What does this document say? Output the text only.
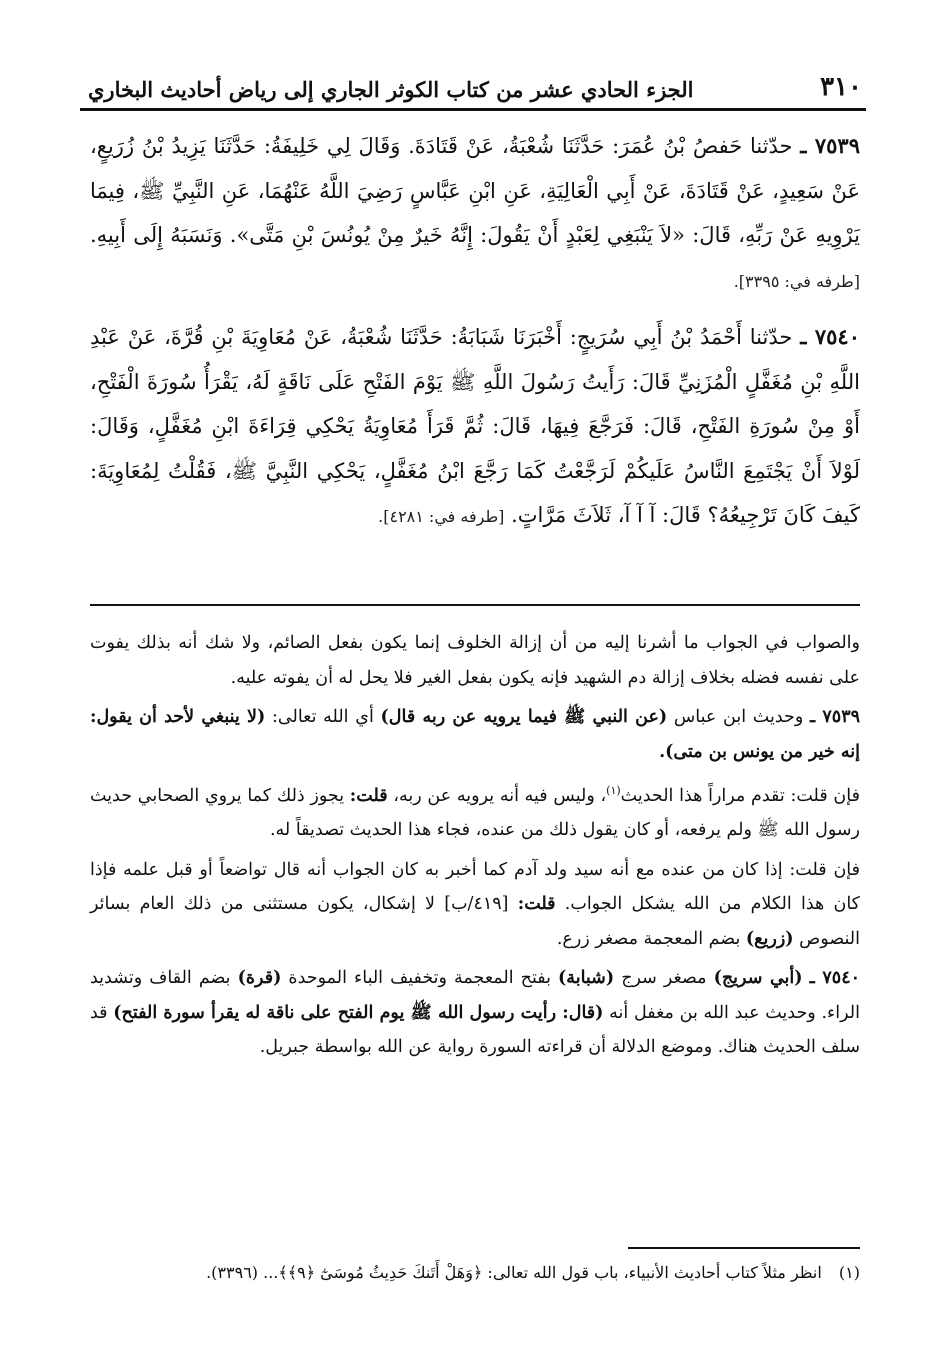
٣١٠
الجزء الحادي عشر من كتاب الكوثر الجاري إلى رياض أحاديث البخاري
٧٥٣٩ ـ حدّثنا حَفصُ بْنُ عُمَرَ: حَدَّثَنَا شُعْبَةُ، عَنْ قَتَادَةَ. وَقَالَ لِي خَلِيفَةُ: حَدَّثَنَا يَزِيدُ بْنُ زُرَيعٍ، عَنْ سَعِيدٍ، عَنْ قَتَادَةَ، عَنْ أَبِي الْعَالِيَةِ، عَنِ ابْنِ عَبَّاسٍ رَضِيَ اللَّهُ عَنْهُمَا، عَنِ النَّبِيِّ ﷺ، فِيمَا يَرْوِيهِ عَنْ رَبِّهِ، قَالَ: «لاَ يَنْبَغِي لِعَبْدٍ أَنْ يَقُولَ: إِنَّهُ خَيرٌ مِنْ يُونُسَ بْنِ مَتَّى». وَنَسَبَهُ إِلَى أَبِيهِ. [طرفه في: ٣٣٩٥].
٧٥٤٠ ـ حدّثنا أَحْمَدُ بْنُ أَبِي سُرَيجٍ: أَخْبَرَنَا شَبَابَةُ: حَدَّثَنَا شُعْبَةُ، عَنْ مُعَاوِيَةَ بْنِ قُرَّةَ، عَنْ عَبْدِ اللَّهِ بْنِ مُغَفَّلٍ الْمُزَنِيِّ قَالَ: رَأَيتُ رَسُولَ اللَّهِ ﷺ يَوْمَ الفَتْحِ عَلَى نَاقَةٍ لَهُ، يَقْرَأُ سُورَةَ الْفَتْحِ، أَوْ مِنْ سُورَةِ الفَتْحِ، قَالَ: فَرَجَّعَ فِيهَا، قَالَ: ثُمَّ قَرَأَ مُعَاوِيَةُ يَحْكِي قِرَاءَةَ ابْنِ مُغَفَّلٍ، وَقَالَ: لَوْلاَ أَنْ يَجْتَمِعَ النَّاسُ عَلَيكُمْ لَرَجَّعْتُ كَمَا رَجَّعَ ابْنُ مُغَفَّلٍ، يَحْكِي النَّبِيَّ ﷺ، فَقُلْتُ لِمُعَاوِيَةَ: كَيفَ كَانَ تَرْجِيعُهُ؟ قَالَ: آ آ آ، ثَلاَثَ مَرَّاتٍ. [طرفه في: ٤٢٨١].

والصواب في الجواب ما أشرنا إليه من أن إزالة الخلوف إنما يكون بفعل الصائم، ولا شك أنه بذلك يفوت على نفسه فضله بخلاف إزالة دم الشهيد فإنه يكون بفعل الغير فلا يحل له أن يفوته عليه.

٧٥٣٩ ـ وحديث ابن عباس (عن النبي ﷺ فيما يرويه عن ربه قال) أي الله تعالى: (لا ينبغي لأحد أن يقول: إنه خير من يونس بن متى).

فإن قلت: تقدم مراراً هذا الحديث$^{(١)}$، وليس فيه أنه يرويه عن ربه، قلت: يجوز ذلك كما يروي الصحابي حديث رسول الله ﷺ ولم يرفعه، أو كان يقول ذلك من عنده، فجاء هذا الحديث تصديقاً له.

فإن قلت: إذا كان من عنده مع أنه سيد ولد آدم كما أخبر به كان الجواب أنه قال تواضعاً أو قبل علمه فإذا كان هذا الكلام من الله يشكل الجواب. قلت: [٤١٩/ب] لا إشكال، يكون مستثنى من ذلك العام بسائر النصوص (زريع) بضم المعجمة مصغر زرع.

٧٥٤٠ ـ (أبي سريج) مصغر سرج (شبابة) بفتح المعجمة وتخفيف الباء الموحدة (قرة) بضم القاف وتشديد الراء. وحديث عبد الله بن مغفل أنه (قال: رأيت رسول الله ﷺ يوم الفتح على ناقة له يقرأ سورة الفتح) قد سلف الحديث هناك. وموضع الدلالة أن قراءته السورة رواية عن الله بواسطة جبريل.

(١) انظر مثلاً كتاب أحاديث الأنبياء، باب قول الله تعالى: ﴿وَهَلْ أَتَنكَ حَدِيثُ مُوسَىٰٓ ﴿٩﴾﴾... (٣٣٩٦).
